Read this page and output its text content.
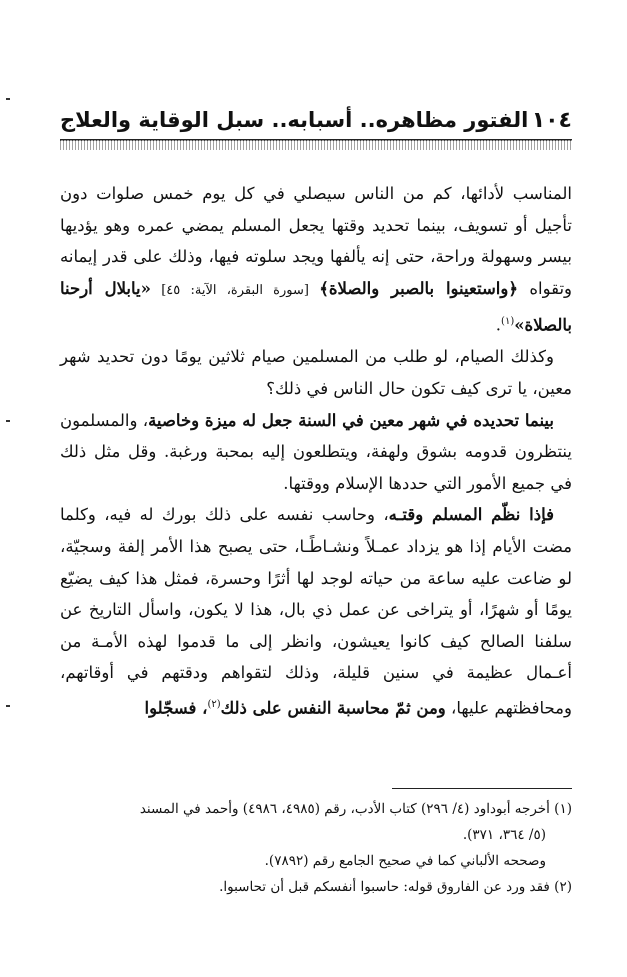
١٠٤
الفتور مظاهره.. أسبابه.. سبل الوقاية والعلاج

المناسب لأدائها، كم من الناس سيصلي في كل يوم خمس صلوات دون تأجيل أو تسويف، بينما تحديد وقتها يجعل المسلم يمضي عمره وهو يؤديها بيسر وسهولة وراحة، حتى إنه يألفها ويجد سلوته فيها، وذلك على قدر إيمانه وتقواه ﴿واستعينوا بالصبر والصلاة﴾ [سورة البقرة، الآية: ٤٥] «يابلال أرحنا بالصلاة»$^{(١)}$.

وكذلك الصيام، لو طلب من المسلمين صيام ثلاثين يومًا دون تحديد شهر معين، يا ترى كيف تكون حال الناس في ذلك؟

بينما تحديده في شهر معين في السنة جعل له ميزة وخاصية، والمسلمون ينتظرون قدومه بشوق ولهفة، ويتطلعون إليه بمحبة ورغبة. وقل مثل ذلك في جميع الأمور التي حددها الإسلام ووقتها.

فإذا نظّم المسلم وقتـه، وحاسب نفسه على ذلك بورك له فيه، وكلما مضت الأيام إذا هو يزداد عمـلاً ونشـاطًـا، حتى يصبح هذا الأمر إلفة وسجيّة، لو ضاعت عليه ساعة من حياته لوجد لها أثرًا وحسرة، فمثل هذا كيف يضيّع يومًا أو شهرًا، أو يتراخى عن عمل ذي بال، هذا لا يكون، واسأل التاريخ عن سلفنا الصالح كيف كانوا يعيشون، وانظر إلى ما قدموا لهذه الأمـة من أعـمال عظيمة في سنين قليلة، وذلك لتقواهم ودقتهم في أوقاتهم، ومحافظتهم عليها، ومن ثمّ محاسبة النفس على ذلك$^{(٢)}$، فسجّلوا

(١) أخرجه أبوداود (٤/ ٢٩٦) كتاب الأدب، رقم (٤٩٨٥، ٤٩٨٦) وأحمد في المسند

(٥/ ٣٦٤، ٣٧١).

وصححه الألباني كما في صحيح الجامع رقم (٧٨٩٢).

(٢) فقد ورد عن الفاروق قوله: حاسبوا أنفسكم قبل أن تحاسبوا.
